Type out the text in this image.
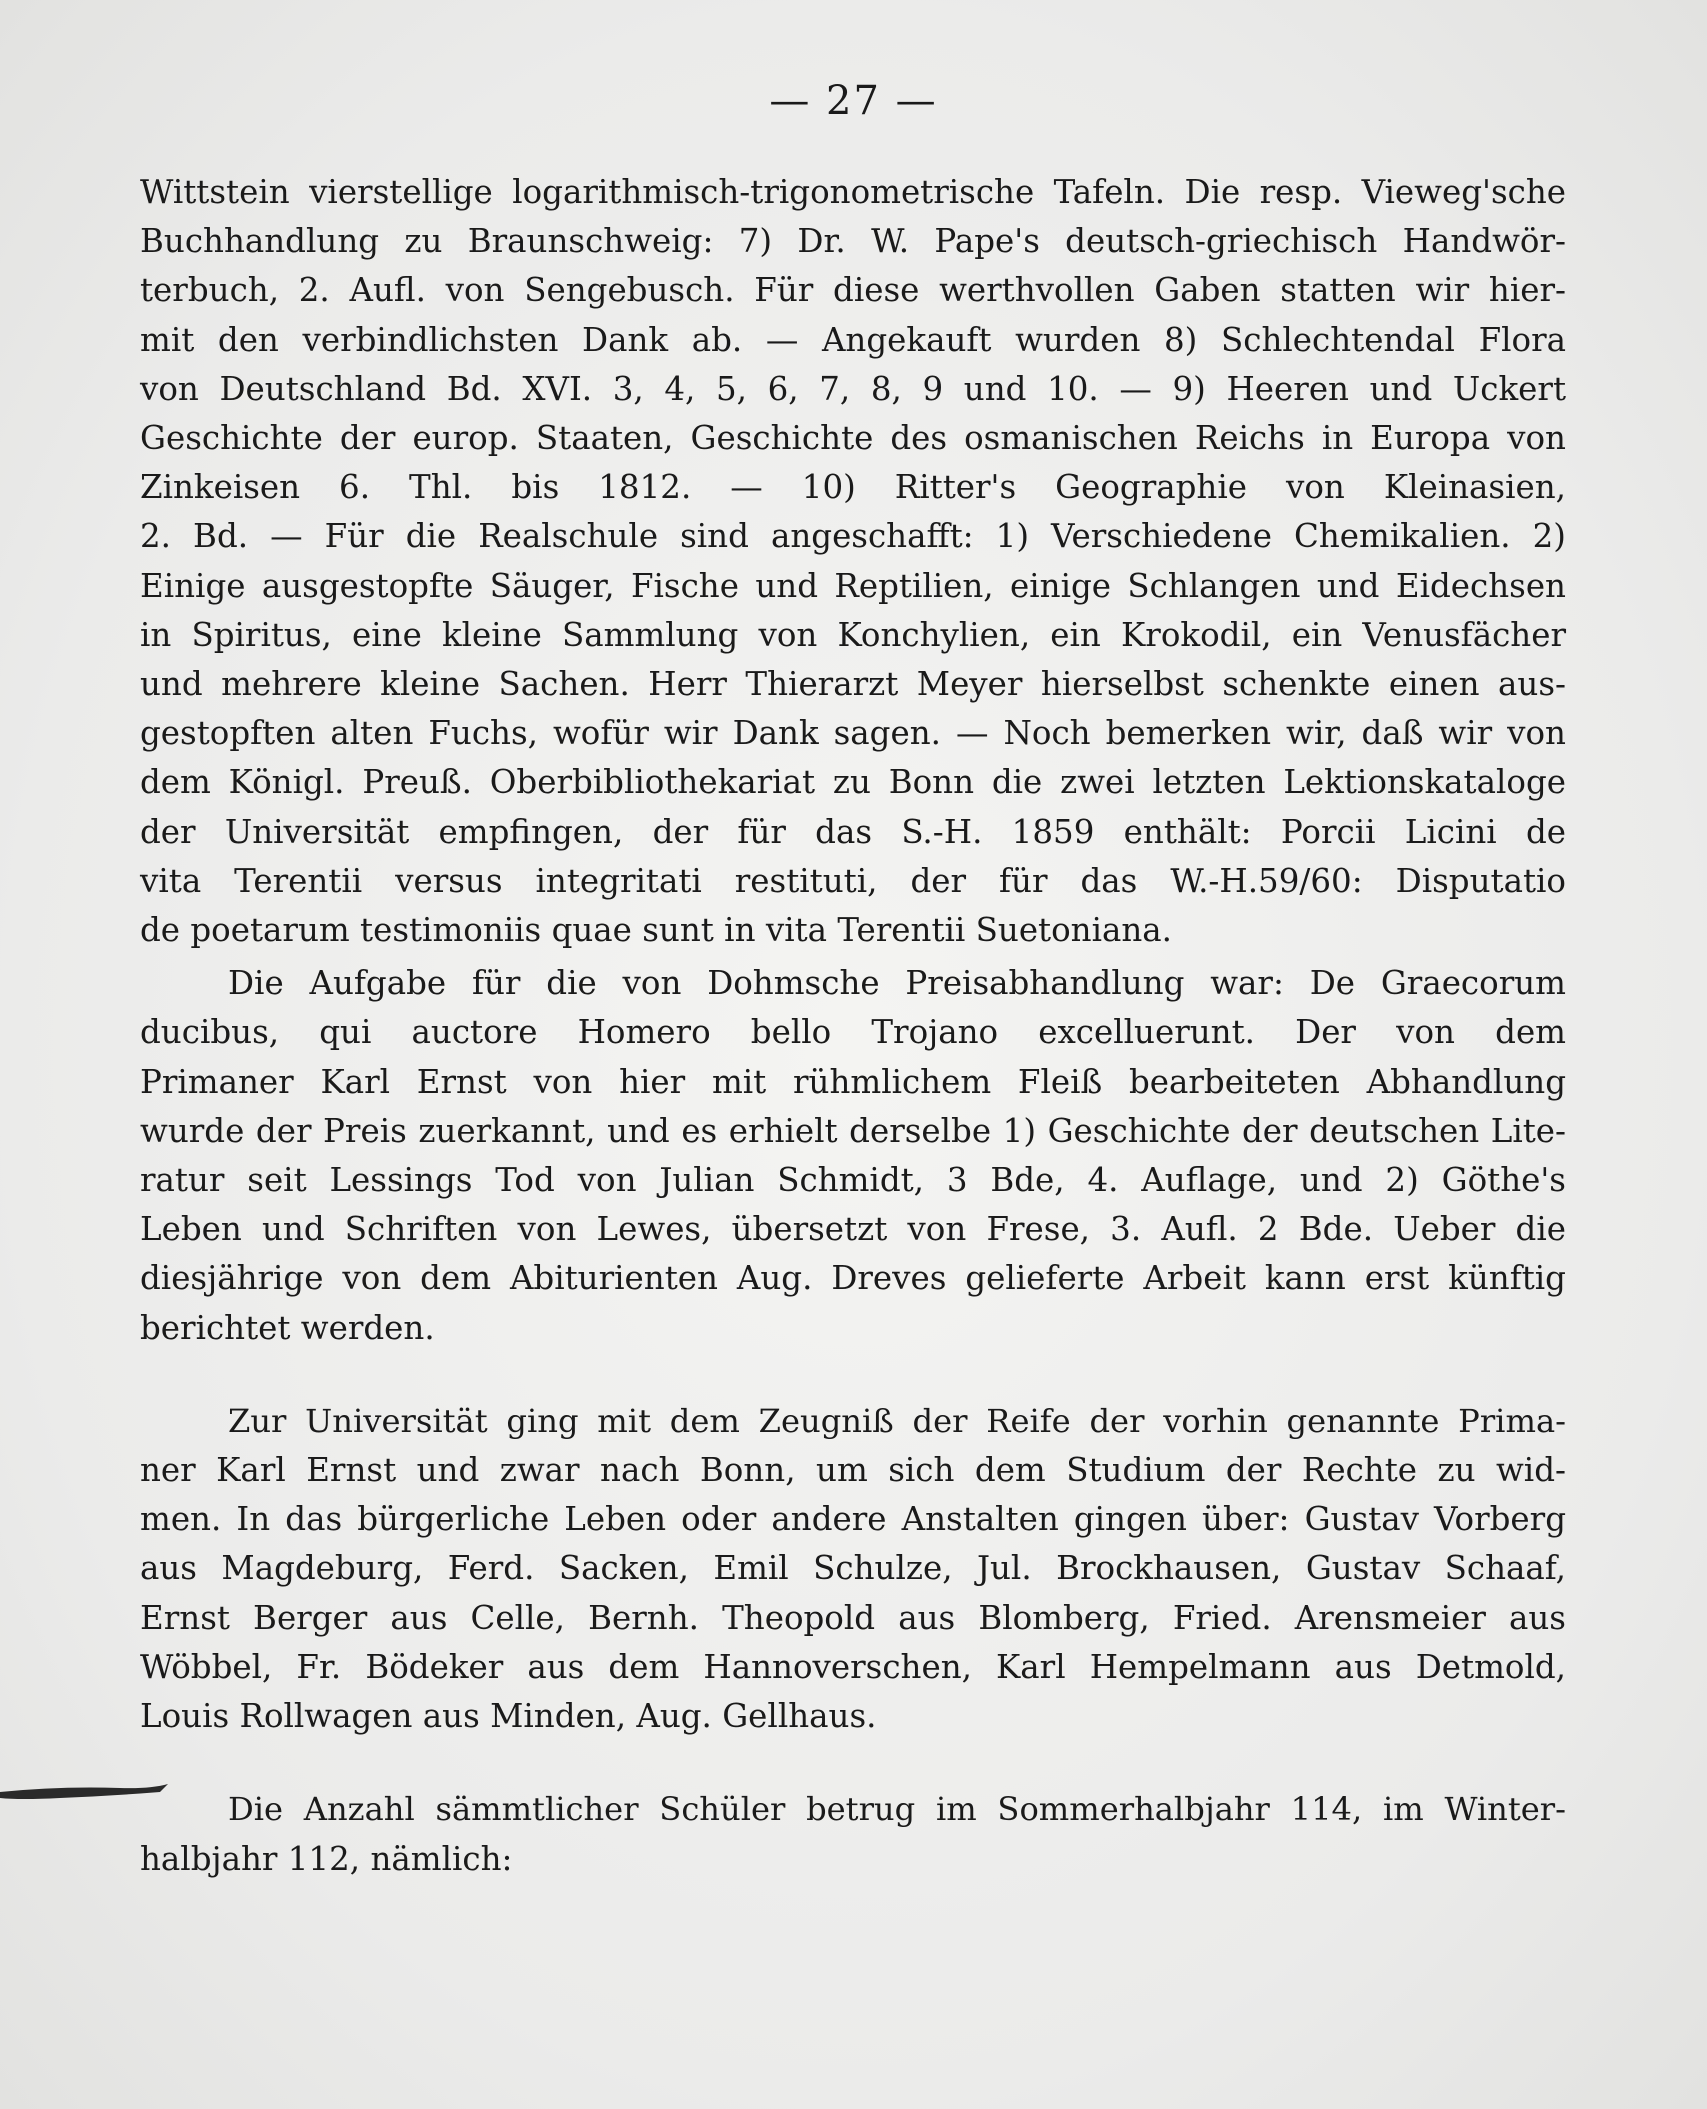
— 27 —

Wittstein vierstellige logarithmisch-trigonometrische Tafeln. Die resp. Vieweg'sche
Buchhandlung zu Braunschweig: 7) Dr. W. Pape's deutsch-griechisch Handwör-
terbuch, 2. Aufl. von Sengebusch. Für diese werthvollen Gaben statten wir hier-
mit den verbindlichsten Dank ab. — Angekauft wurden 8) Schlechtendal Flora
von Deutschland Bd. XVI. 3, 4, 5, 6, 7, 8, 9 und 10. — 9) Heeren und Uckert
Geschichte der europ. Staaten, Geschichte des osmanischen Reichs in Europa von
Zinkeisen 6. Thl. bis 1812. — 10) Ritter's Geographie von Kleinasien,
2. Bd. — Für die Realschule sind angeschafft: 1) Verschiedene Chemikalien. 2)
Einige ausgestopfte Säuger, Fische und Reptilien, einige Schlangen und Eidechsen
in Spiritus, eine kleine Sammlung von Konchylien, ein Krokodil, ein Venusfächer
und mehrere kleine Sachen. Herr Thierarzt Meyer hierselbst schenkte einen aus-
gestopften alten Fuchs, wofür wir Dank sagen. — Noch bemerken wir, daß wir von
dem Königl. Preuß. Oberbibliothekariat zu Bonn die zwei letzten Lektionskataloge
der Universität empfingen, der für das S.-H. 1859 enthält: Porcii Licini de
vita Terentii versus integritati restituti, der für das W.-H.59/60: Disputatio
de poetarum testimoniis quae sunt in vita Terentii Suetoniana.

Die Aufgabe für die von Dohmsche Preisabhandlung war: De Graecorum
ducibus, qui auctore Homero bello Trojano excelluerunt. Der von dem
Primaner Karl Ernst von hier mit rühmlichem Fleiß bearbeiteten Abhandlung
wurde der Preis zuerkannt, und es erhielt derselbe 1) Geschichte der deutschen Lite-
ratur seit Lessings Tod von Julian Schmidt, 3 Bde, 4. Auflage, und 2) Göthe's
Leben und Schriften von Lewes, übersetzt von Frese, 3. Aufl. 2 Bde. Ueber die
diesjährige von dem Abiturienten Aug. Dreves gelieferte Arbeit kann erst künftig
berichtet werden.

Zur Universität ging mit dem Zeugniß der Reife der vorhin genannte Prima-
ner Karl Ernst und zwar nach Bonn, um sich dem Studium der Rechte zu wid-
men. In das bürgerliche Leben oder andere Anstalten gingen über: Gustav Vorberg
aus Magdeburg, Ferd. Sacken, Emil Schulze, Jul. Brockhausen, Gustav Schaaf,
Ernst Berger aus Celle, Bernh. Theopold aus Blomberg, Fried. Arensmeier aus
Wöbbel, Fr. Bödeker aus dem Hannoverschen, Karl Hempelmann aus Detmold,
Louis Rollwagen aus Minden, Aug. Gellhaus.

Die Anzahl sämmtlicher Schüler betrug im Sommerhalbjahr 114, im Winter-
halbjahr 112, nämlich:
